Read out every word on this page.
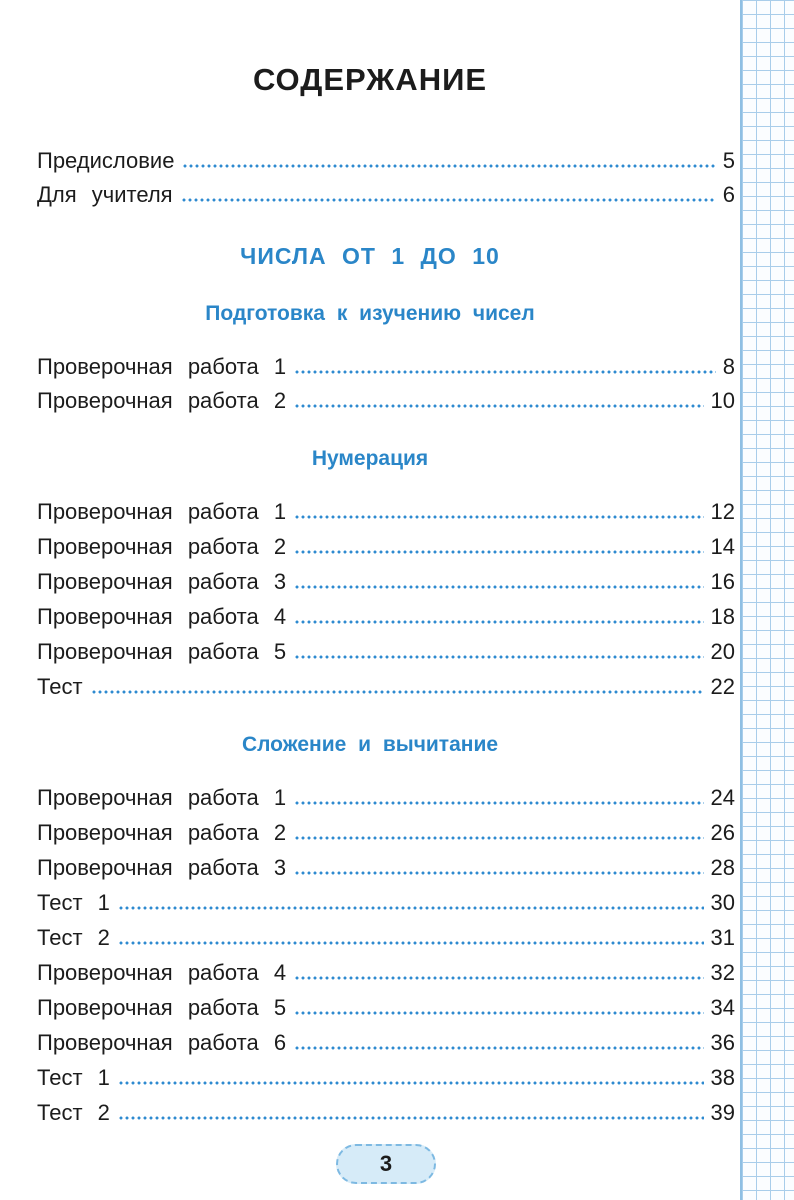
СОДЕРЖАНИЕ
Предисловие	5
Для учителя	6
ЧИСЛА ОТ 1 ДО 10
Подготовка к изучению чисел
Проверочная работа 1	8
Проверочная работа 2	10
Нумерация
Проверочная работа 1	12
Проверочная работа 2	14
Проверочная работа 3	16
Проверочная работа 4	18
Проверочная работа 5	20
Тест	22
Сложение и вычитание
Проверочная работа 1	24
Проверочная работа 2	26
Проверочная работа 3	28
Тест 1	30
Тест 2	31
Проверочная работа 4	32
Проверочная работа 5	34
Проверочная работа 6	36
Тест 1	38
Тест 2	39
3
